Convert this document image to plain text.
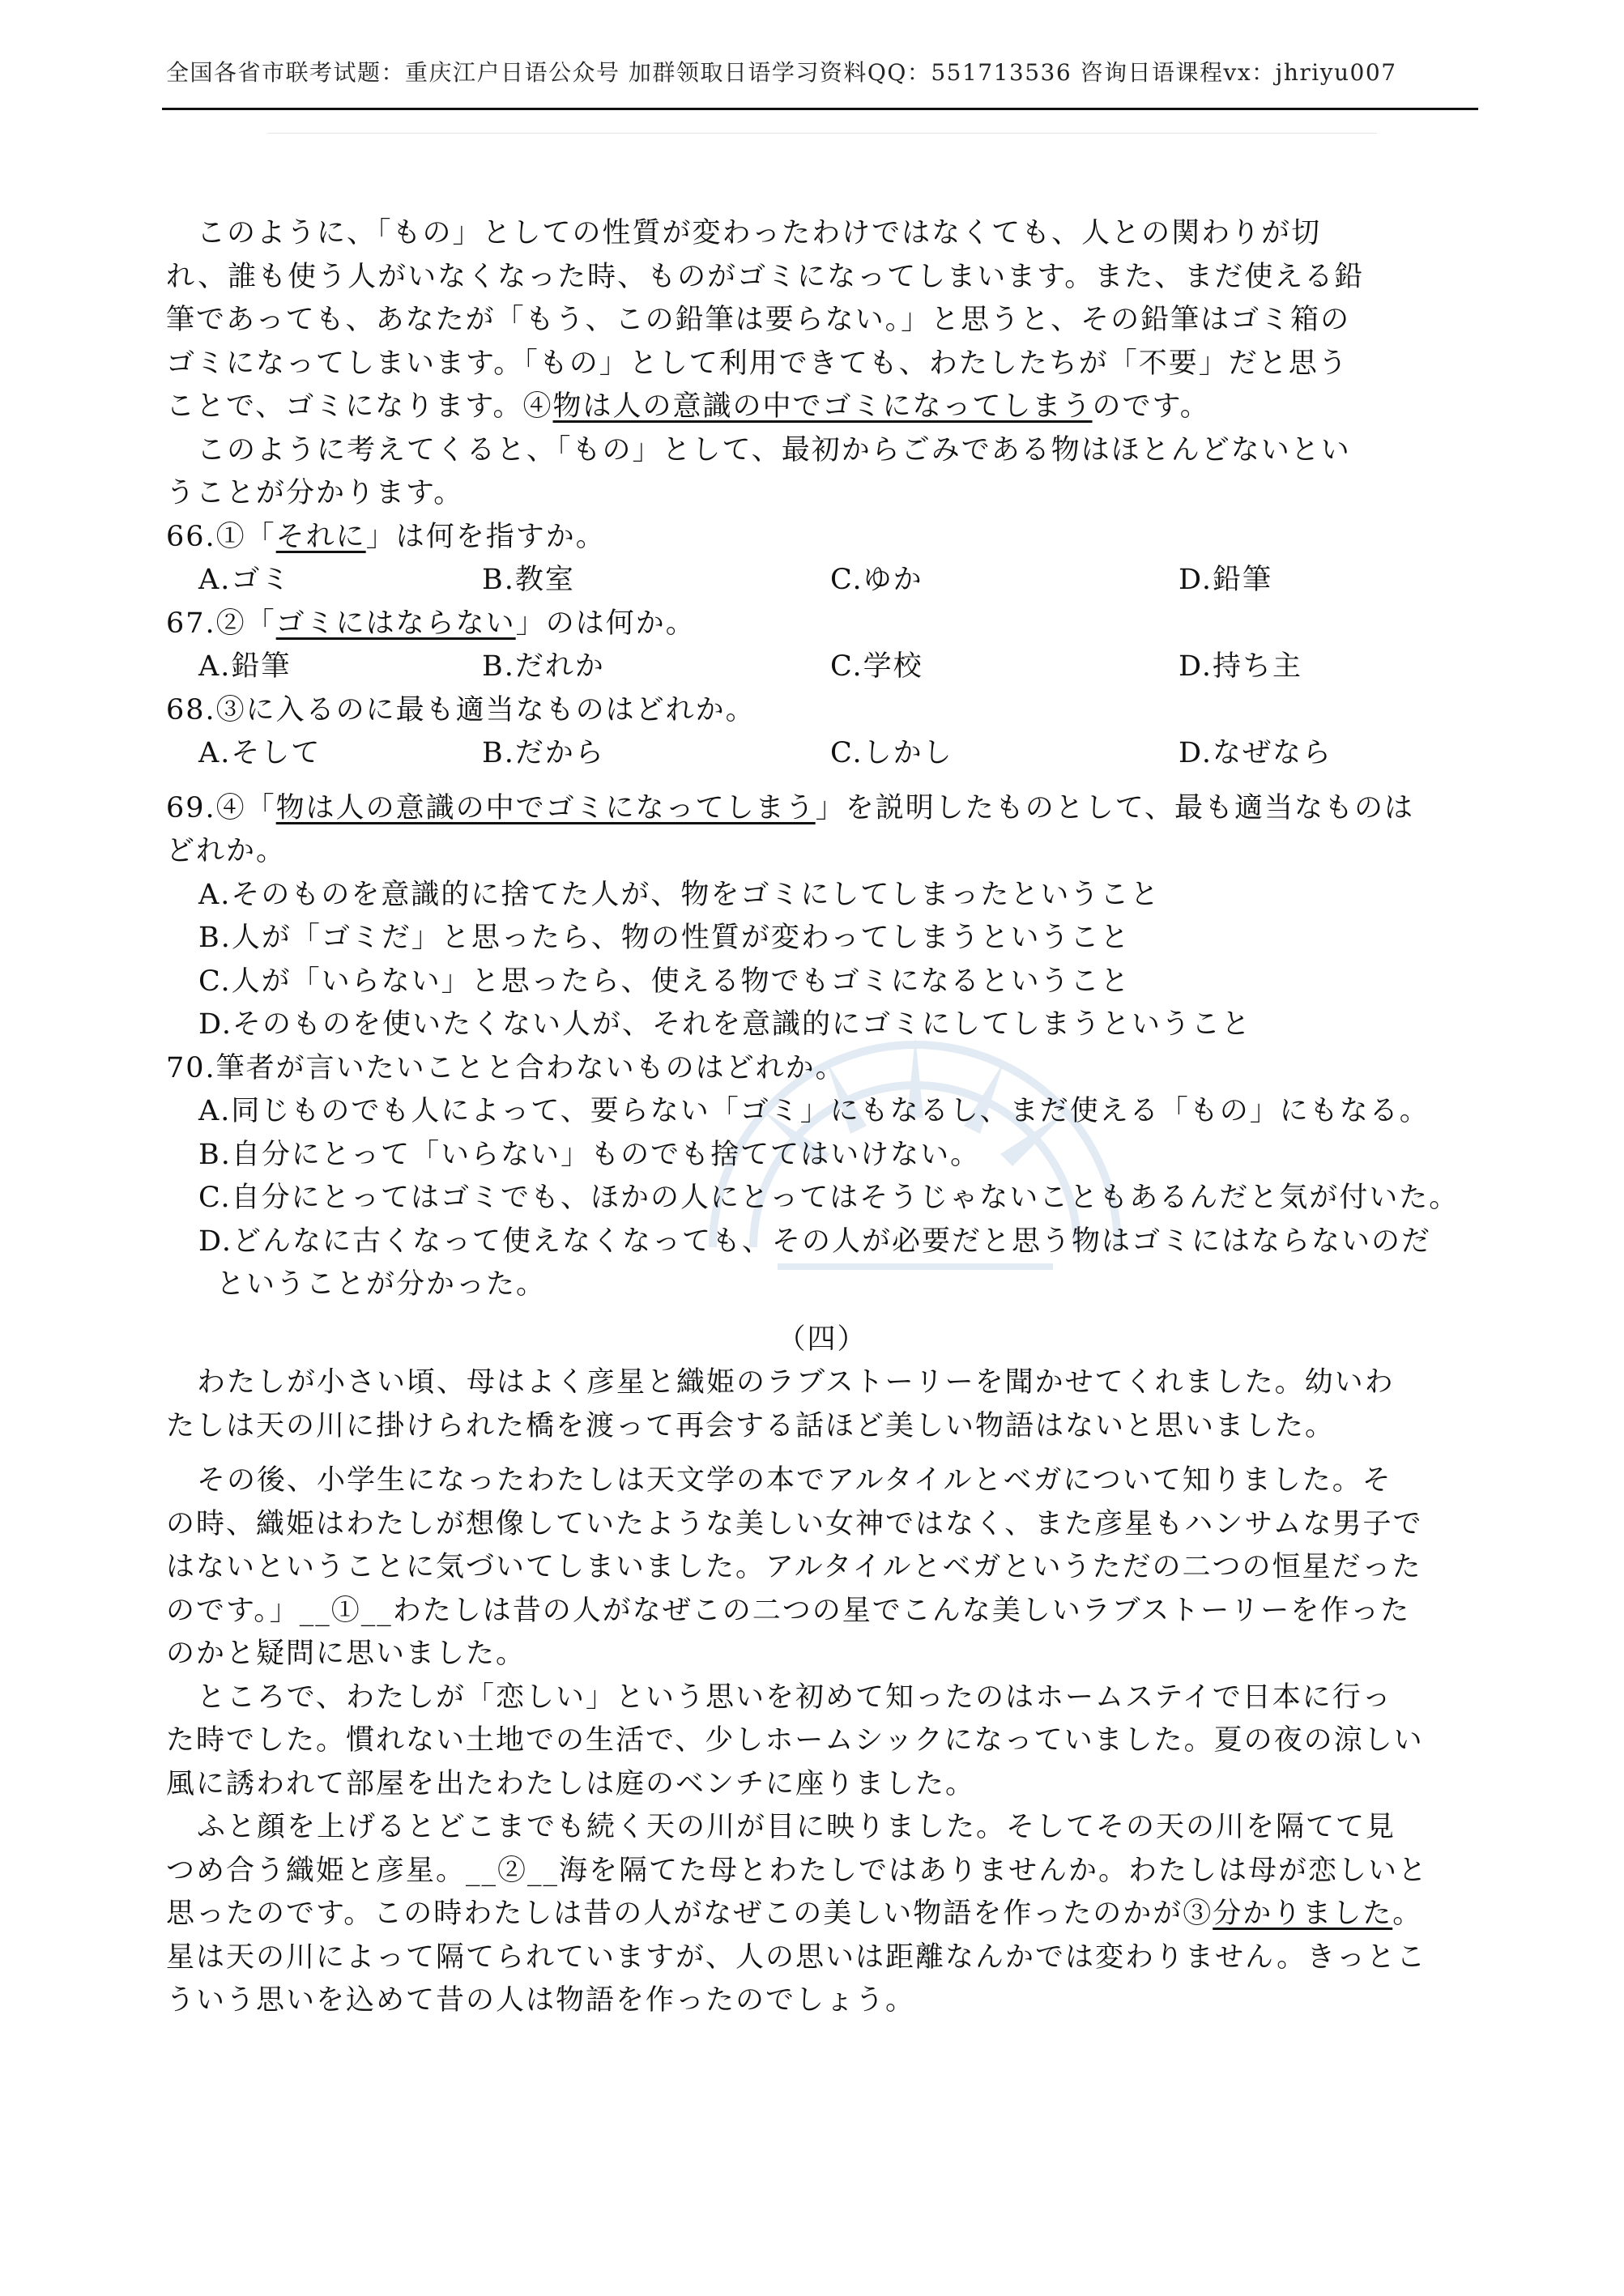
全国各省市联考试题：重庆江户日语公众号 加群领取日语学习资料QQ：551713536 咨询日语课程vx：jhriyu007
このように、「もの」としての性質が変わったわけではなくても、人との関わりが切
れ、誰も使う人がいなくなった時、ものがゴミになってしまいます。また、まだ使える鉛
筆であっても、あなたが「もう、この鉛筆は要らない。」と思うと、その鉛筆はゴミ箱の
ゴミになってしまいます。「もの」として利用できても、わたしたちが「不要」だと思う
ことで、ゴミになります。④物は人の意識の中でゴミになってしまうのです。
このように考えてくると、「もの」として、最初からごみである物はほとんどないとい
うことが分かります。
66.①「それに」は何を指すか。
A.ゴミ	B.教室	C.ゆか	D.鉛筆
67.②「ゴミにはならない」のは何か。
A.鉛筆	B.だれか	C.学校	D.持ち主
68.③に入るのに最も適当なものはどれか。
A.そして	B.だから	C.しかし	D.なぜなら
69.④「物は人の意識の中でゴミになってしまう」を説明したものとして、最も適当なものは
どれか。
A.そのものを意識的に捨てた人が、物をゴミにしてしまったということ
B.人が「ゴミだ」と思ったら、物の性質が変わってしまうということ
C.人が「いらない」と思ったら、使える物でもゴミになるということ
D.そのものを使いたくない人が、それを意識的にゴミにしてしまうということ
70.筆者が言いたいことと合わないものはどれか。
A.同じものでも人によって、要らない「ゴミ」にもなるし、まだ使える「もの」にもなる。
B.自分にとって「いらない」ものでも捨ててはいけない。
C.自分にとってはゴミでも、ほかの人にとってはそうじゃないこともあるんだと気が付いた。
D.どんなに古くなって使えなくなっても、その人が必要だと思う物はゴミにはならないのだ
ということが分かった。
（四）
わたしが小さい頃、母はよく彦星と織姫のラブストーリーを聞かせてくれました。幼いわ
たしは天の川に掛けられた橋を渡って再会する話ほど美しい物語はないと思いました。
その後、小学生になったわたしは天文学の本でアルタイルとベガについて知りました。そ
の時、織姫はわたしが想像していたような美しい女神ではなく、また彦星もハンサムな男子で
はないということに気づいてしまいました。アルタイルとベガというただの二つの恒星だった
のです。」__①__わたしは昔の人がなぜこの二つの星でこんな美しいラブストーリーを作った
のかと疑問に思いました。
ところで、わたしが「恋しい」という思いを初めて知ったのはホームステイで日本に行っ
た時でした。慣れない土地での生活で、少しホームシックになっていました。夏の夜の涼しい
風に誘われて部屋を出たわたしは庭のベンチに座りました。
ふと顔を上げるとどこまでも続く天の川が目に映りました。そしてその天の川を隔てて見
つめ合う織姫と彦星。__②__海を隔てた母とわたしではありませんか。わたしは母が恋しいと
思ったのです。この時わたしは昔の人がなぜこの美しい物語を作ったのかが③分かりました。
星は天の川によって隔てられていますが、人の思いは距離なんかでは変わりません。きっとこ
ういう思いを込めて昔の人は物語を作ったのでしょう。
